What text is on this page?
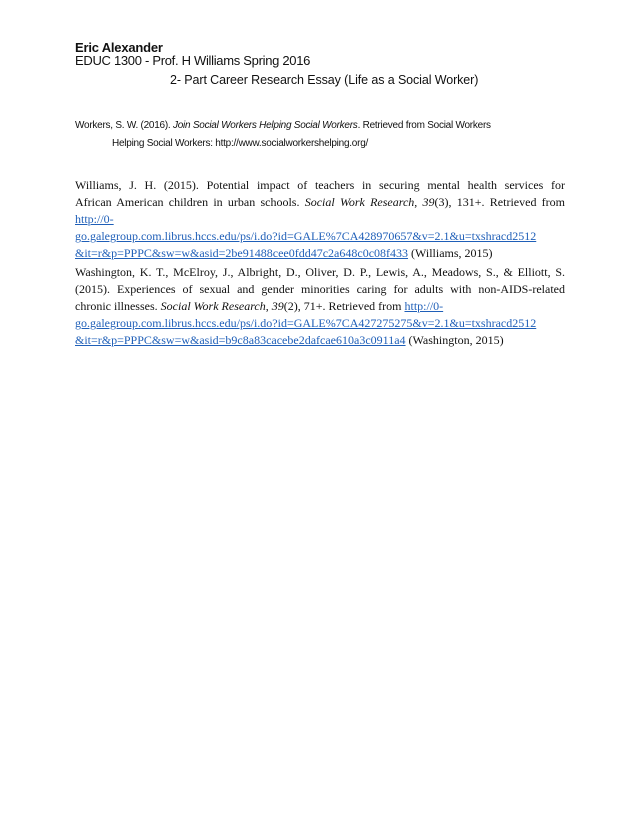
Eric Alexander
EDUC 1300 - Prof. H Williams Spring 2016
2- Part Career Research Essay (Life as a Social Worker)
Workers, S. W. (2016). Join Social Workers Helping Social Workers. Retrieved from Social Workers
Helping Social Workers: http://www.socialworkershelping.org/
Williams, J. H. (2015). Potential impact of teachers in securing mental health services for
African American children in urban schools. Social Work Research, 39(3), 131+. Retrieved from
http://0-
go.galegroup.com.librus.hccs.edu/ps/i.do?id=GALE%7CA428970657&v=2.1&u=txshracd2512
&it=r&p=PPPC&sw=w&asid=2be91488cee0fdd47c2a648c0c08f433 (Williams, 2015)
Washington, K. T., McElroy, J., Albright, D., Oliver, D. P., Lewis, A., Meadows, S., & Elliott, S.
(2015). Experiences of sexual and gender minorities caring for adults with non-AIDS-related
chronic illnesses. Social Work Research, 39(2), 71+. Retrieved from http://0-
go.galegroup.com.librus.hccs.edu/ps/i.do?id=GALE%7CA427275275&v=2.1&u=txshracd2512
&it=r&p=PPPC&sw=w&asid=b9c8a83cacebe2dafcae610a3c0911a4 (Washington, 2015)
